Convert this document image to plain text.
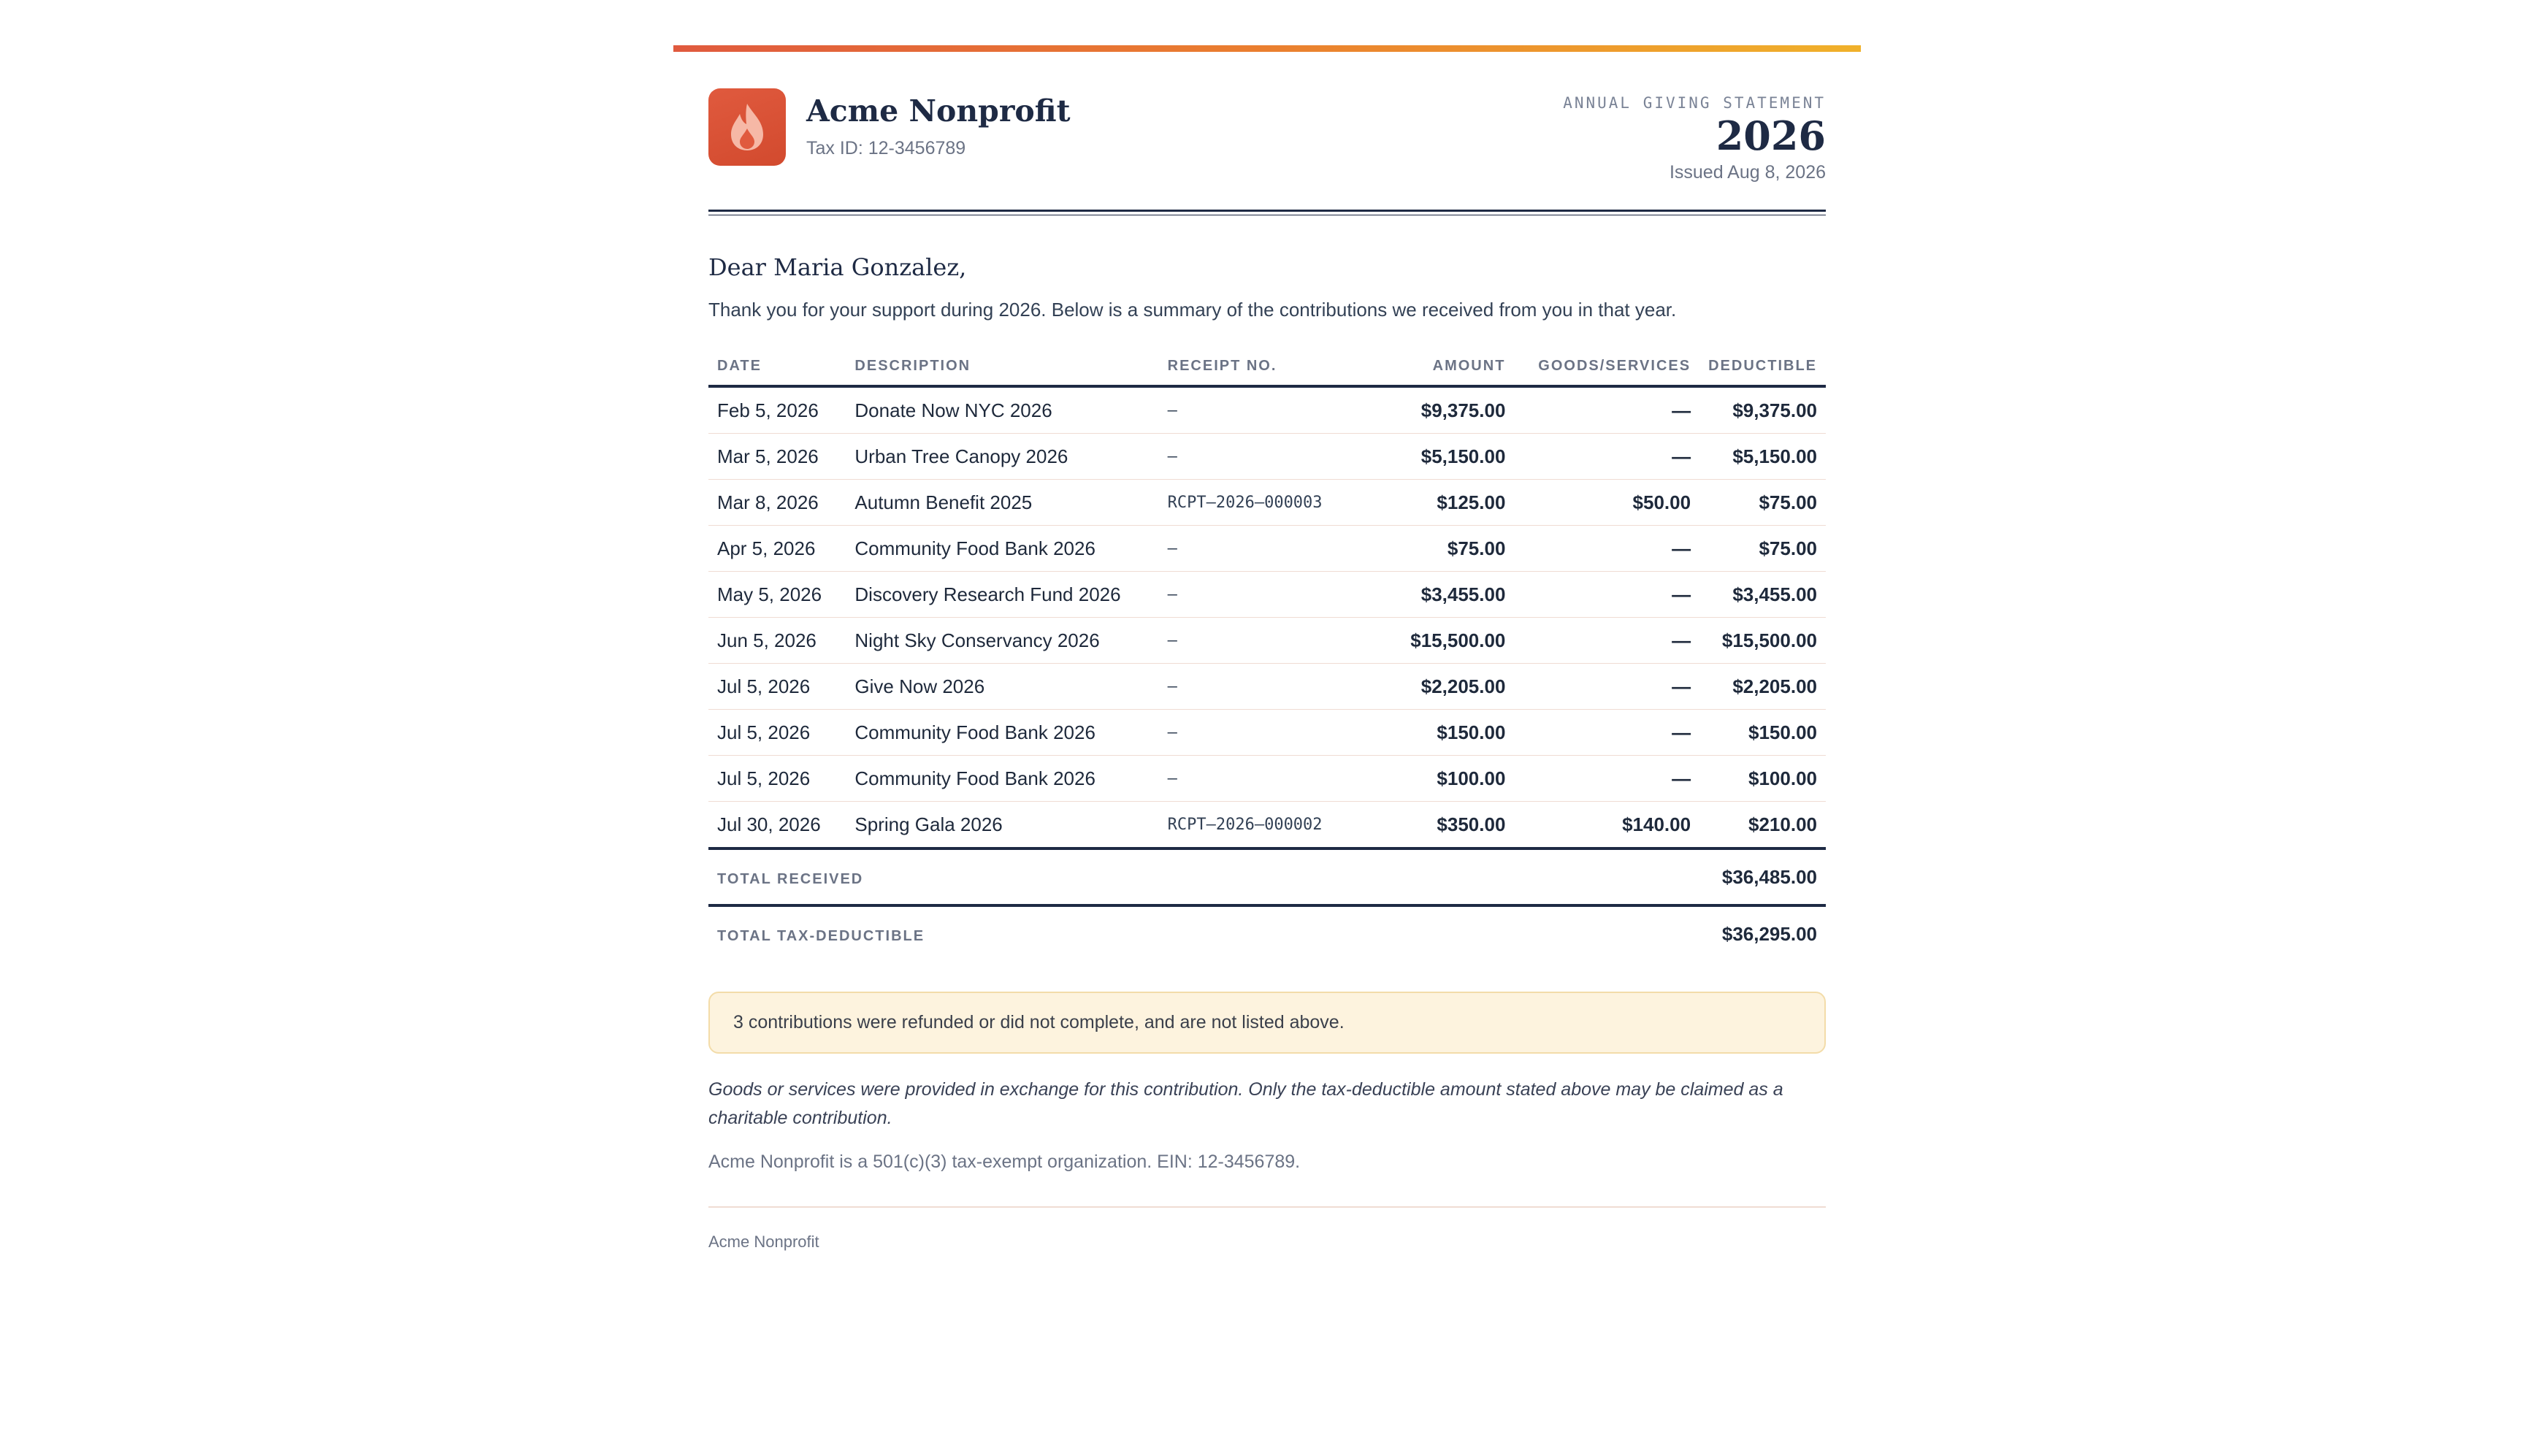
Acme Nonprofit
Tax ID: 12-3456789
ANNUAL GIVING STATEMENT
2026
Issued Aug 8, 2026
Dear Maria Gonzalez,
Thank you for your support during 2026. Below is a summary of the contributions we received from you in that year.
DATE	DESCRIPTION	RECEIPT NO.	AMOUNT	GOODS/SERVICES	DEDUCTIBLE
Feb 5, 2026	Donate Now NYC 2026	–	$9,375.00	—	$9,375.00
Mar 5, 2026	Urban Tree Canopy 2026	–	$5,150.00	—	$5,150.00
Mar 8, 2026	Autumn Benefit 2025	RCPT–2026–000003	$125.00	$50.00	$75.00
Apr 5, 2026	Community Food Bank 2026	–	$75.00	—	$75.00
May 5, 2026	Discovery Research Fund 2026	–	$3,455.00	—	$3,455.00
Jun 5, 2026	Night Sky Conservancy 2026	–	$15,500.00	—	$15,500.00
Jul 5, 2026	Give Now 2026	–	$2,205.00	—	$2,205.00
Jul 5, 2026	Community Food Bank 2026	–	$150.00	—	$150.00
Jul 5, 2026	Community Food Bank 2026	–	$100.00	—	$100.00
Jul 30, 2026	Spring Gala 2026	RCPT–2026–000002	$350.00	$140.00	$210.00
TOTAL RECEIVED					$36,485.00
TOTAL TAX-DEDUCTIBLE					$36,295.00
3 contributions were refunded or did not complete, and are not listed above.
Goods or services were provided in exchange for this contribution. Only the tax-deductible amount stated above may be claimed as a charitable contribution.
Acme Nonprofit is a 501(c)(3) tax-exempt organization. EIN: 12-3456789.
Acme Nonprofit
